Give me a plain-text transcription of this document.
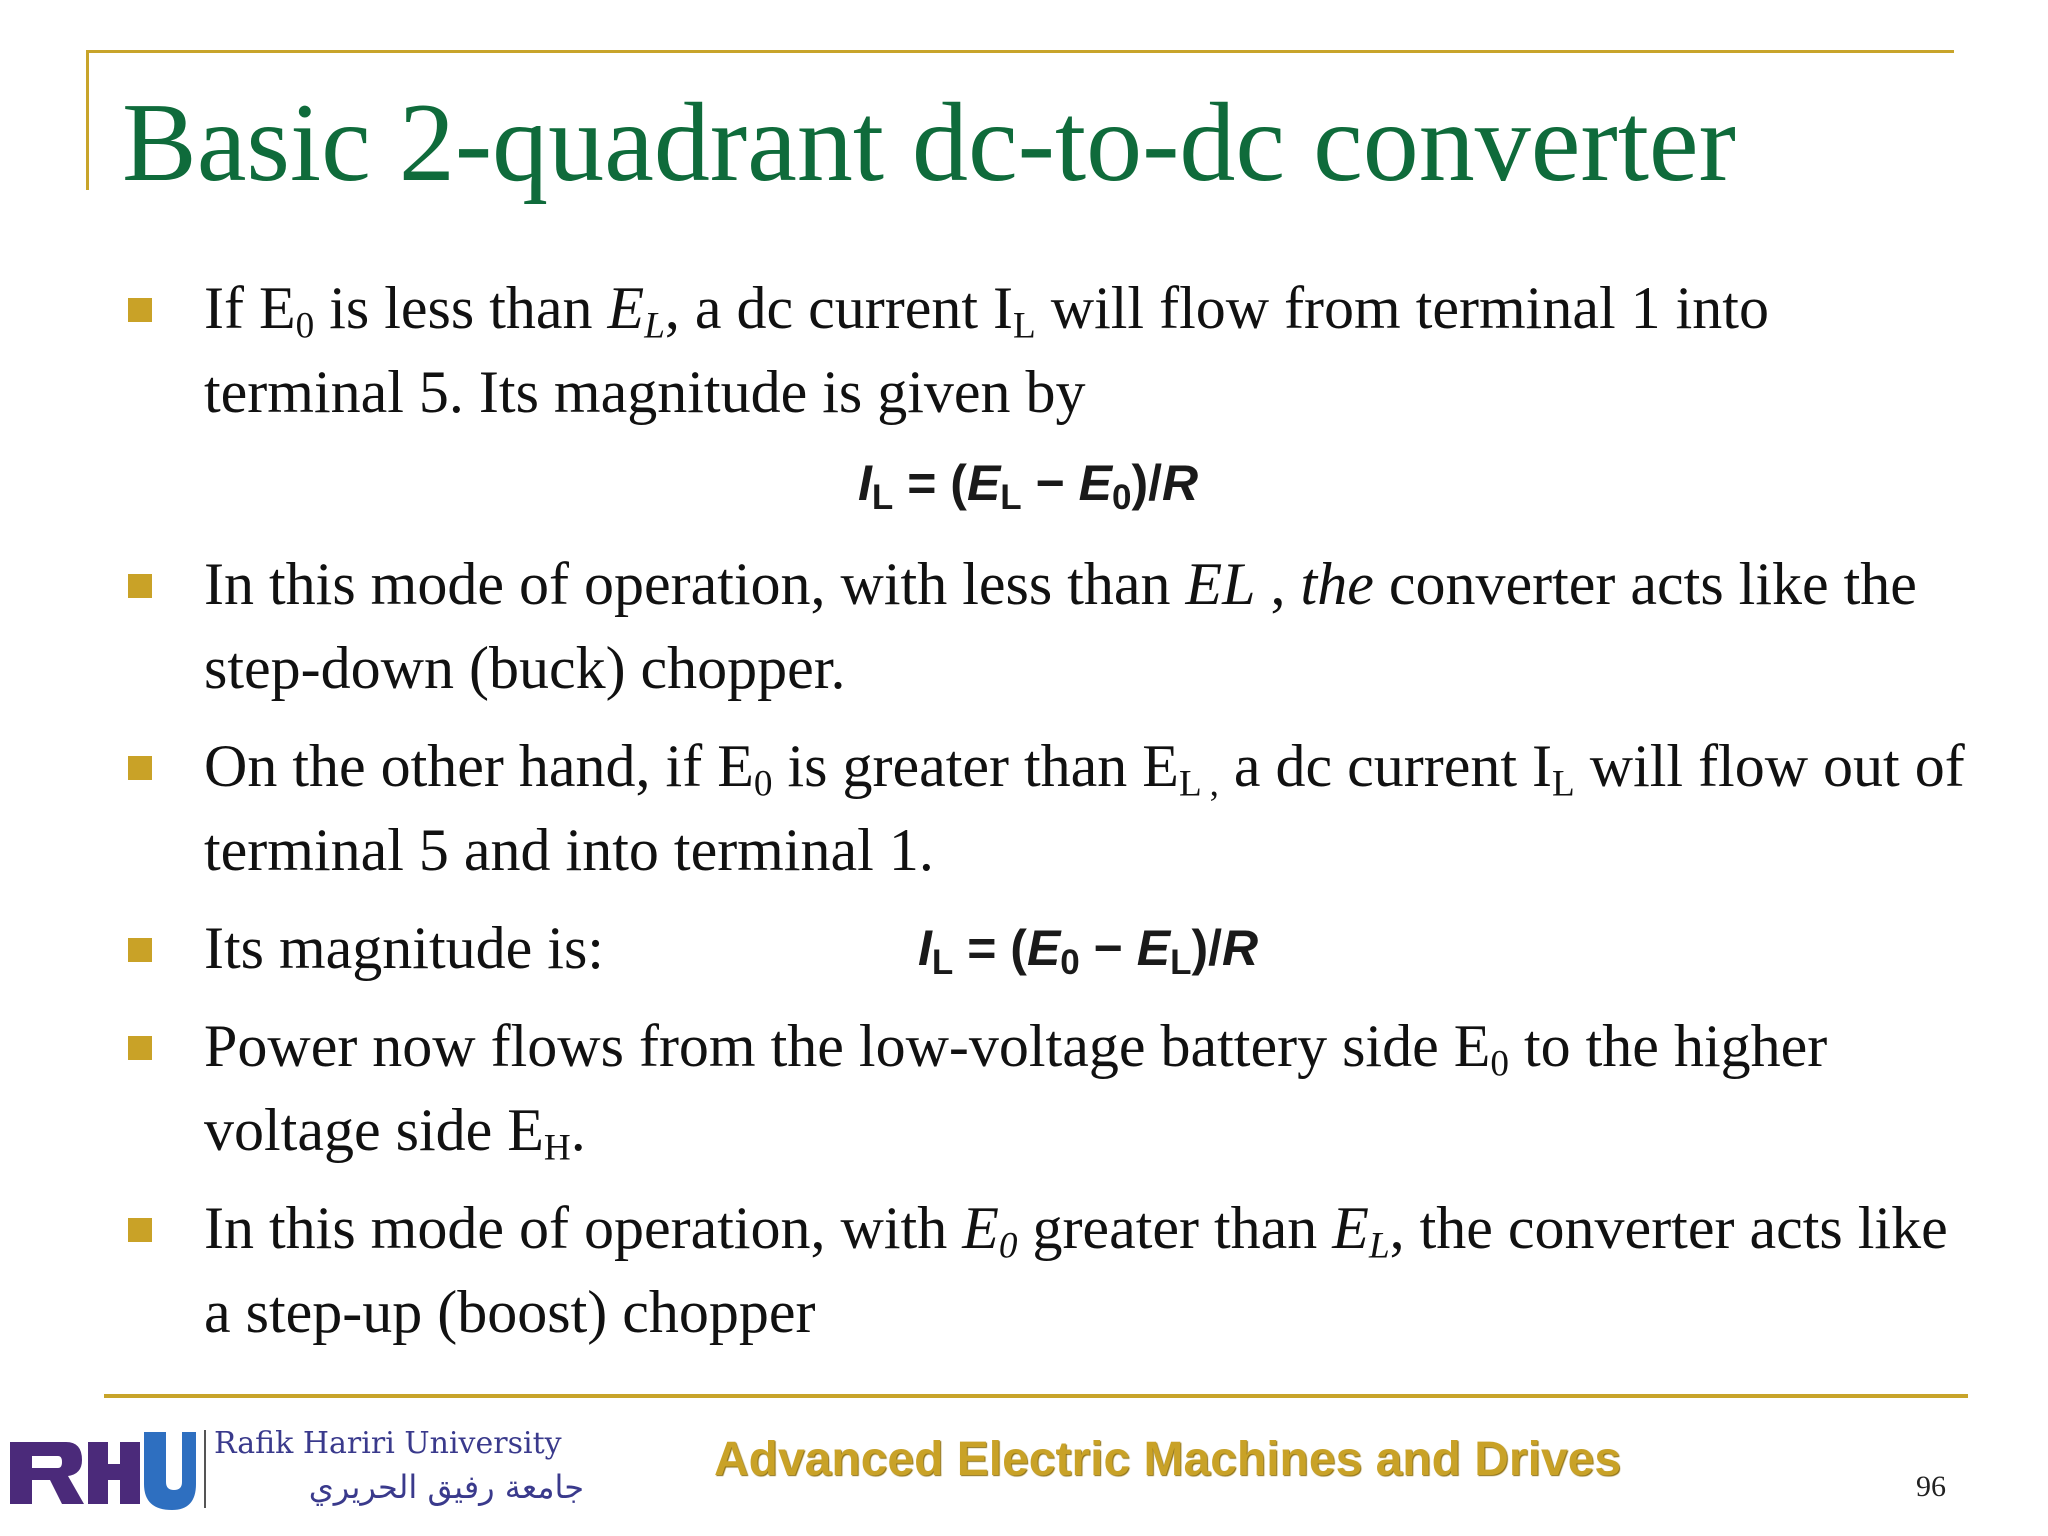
Basic 2-quadrant dc-to-dc converter
If $E_0$ is less than $E_L$, a dc current $I_L$ will flow from terminal 1 into terminal 5. Its magnitude is given by
$I_L = (E_L - E_0)/R$
In this mode of operation, with less than EL , the converter acts like the step-down (buck) chopper.
On the other hand, if $E_0$ is greater than $E_{L ,}$ a dc current $I_L$ will flow out of terminal 5 and into terminal 1.
Its magnitude is:	$I_L = (E_0 - E_L)/R$
Power now flows from the low-voltage battery side $E_0$ to the higher voltage side $E_H$.
In this mode of operation, with $E_0$ greater than $E_L$, the converter acts like a step-up (boost) chopper
Rafik Hariri University
جامعة رفيق الحريري
Advanced Electric Machines and Drives
96
